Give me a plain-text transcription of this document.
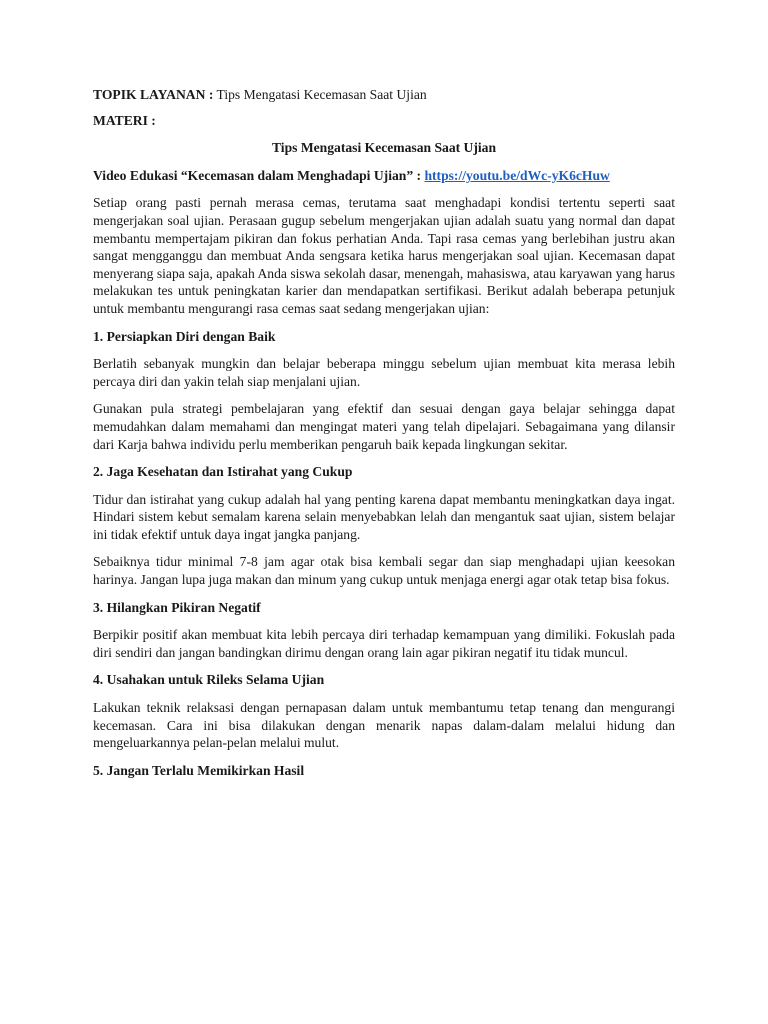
TOPIK LAYANAN : Tips Mengatasi Kecemasan Saat Ujian

MATERI :

Tips Mengatasi Kecemasan Saat Ujian

Video Edukasi “Kecemasan dalam Menghadapi Ujian” : https://youtu.be/dWc-yK6cHuw

Setiap orang pasti pernah merasa cemas, terutama saat menghadapi kondisi tertentu seperti saat mengerjakan soal ujian. Perasaan gugup sebelum mengerjakan ujian adalah suatu yang normal dan dapat membantu mempertajam pikiran dan fokus perhatian Anda. Tapi rasa cemas yang berlebihan justru akan sangat mengganggu dan membuat Anda sengsara ketika harus mengerjakan soal ujian. Kecemasan dapat menyerang siapa saja, apakah Anda siswa sekolah dasar, menengah, mahasiswa, atau karyawan yang harus melakukan tes untuk peningkatan karier dan mendapatkan sertifikasi. Berikut adalah beberapa petunjuk untuk membantu mengurangi rasa cemas saat sedang mengerjakan ujian:

1. Persiapkan Diri dengan Baik

Berlatih sebanyak mungkin dan belajar beberapa minggu sebelum ujian membuat kita merasa lebih percaya diri dan yakin telah siap menjalani ujian.

Gunakan pula strategi pembelajaran yang efektif dan sesuai dengan gaya belajar sehingga dapat memudahkan dalam memahami dan mengingat materi yang telah dipelajari. Sebagaimana yang dilansir dari Karja bahwa individu perlu memberikan pengaruh baik kepada lingkungan sekitar.

2. Jaga Kesehatan dan Istirahat yang Cukup

Tidur dan istirahat yang cukup adalah hal yang penting karena dapat membantu meningkatkan daya ingat. Hindari sistem kebut semalam karena selain menyebabkan lelah dan mengantuk saat ujian, sistem belajar ini tidak efektif untuk daya ingat jangka panjang.

Sebaiknya tidur minimal 7-8 jam agar otak bisa kembali segar dan siap menghadapi ujian keesokan harinya. Jangan lupa juga makan dan minum yang cukup untuk menjaga energi agar otak tetap bisa fokus.

3. Hilangkan Pikiran Negatif

Berpikir positif akan membuat kita lebih percaya diri terhadap kemampuan yang dimiliki. Fokuslah pada diri sendiri dan jangan bandingkan dirimu dengan orang lain agar pikiran negatif itu tidak muncul.

4. Usahakan untuk Rileks Selama Ujian

Lakukan teknik relaksasi dengan pernapasan dalam untuk membantumu tetap tenang dan mengurangi kecemasan. Cara ini bisa dilakukan dengan menarik napas dalam-dalam melalui hidung dan mengeluarkannya pelan-pelan melalui mulut.

5. Jangan Terlalu Memikirkan Hasil
